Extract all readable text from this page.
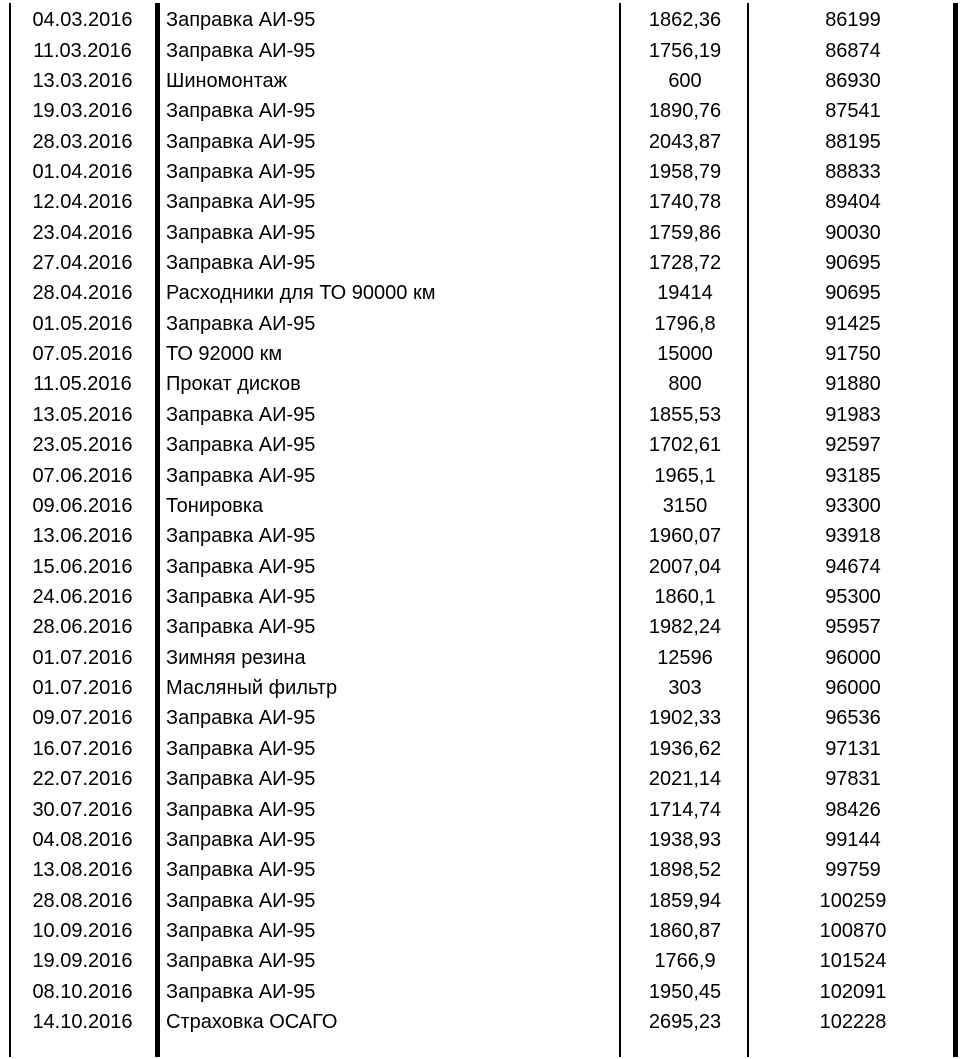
04.03.2016	Заправка АИ-95	1862,36	86199
11.03.2016	Заправка АИ-95	1756,19	86874
13.03.2016	Шиномонтаж	600	86930
19.03.2016	Заправка АИ-95	1890,76	87541
28.03.2016	Заправка АИ-95	2043,87	88195
01.04.2016	Заправка АИ-95	1958,79	88833
12.04.2016	Заправка АИ-95	1740,78	89404
23.04.2016	Заправка АИ-95	1759,86	90030
27.04.2016	Заправка АИ-95	1728,72	90695
28.04.2016	Расходники для ТО 90000 км	19414	90695
01.05.2016	Заправка АИ-95	1796,8	91425
07.05.2016	ТО 92000 км	15000	91750
11.05.2016	Прокат дисков	800	91880
13.05.2016	Заправка АИ-95	1855,53	91983
23.05.2016	Заправка АИ-95	1702,61	92597
07.06.2016	Заправка АИ-95	1965,1	93185
09.06.2016	Тонировка	3150	93300
13.06.2016	Заправка АИ-95	1960,07	93918
15.06.2016	Заправка АИ-95	2007,04	94674
24.06.2016	Заправка АИ-95	1860,1	95300
28.06.2016	Заправка АИ-95	1982,24	95957
01.07.2016	Зимняя резина	12596	96000
01.07.2016	Масляный фильтр	303	96000
09.07.2016	Заправка АИ-95	1902,33	96536
16.07.2016	Заправка АИ-95	1936,62	97131
22.07.2016	Заправка АИ-95	2021,14	97831
30.07.2016	Заправка АИ-95	1714,74	98426
04.08.2016	Заправка АИ-95	1938,93	99144
13.08.2016	Заправка АИ-95	1898,52	99759
28.08.2016	Заправка АИ-95	1859,94	100259
10.09.2016	Заправка АИ-95	1860,87	100870
19.09.2016	Заправка АИ-95	1766,9	101524
08.10.2016	Заправка АИ-95	1950,45	102091
14.10.2016	Страховка ОСАГО	2695,23	102228
